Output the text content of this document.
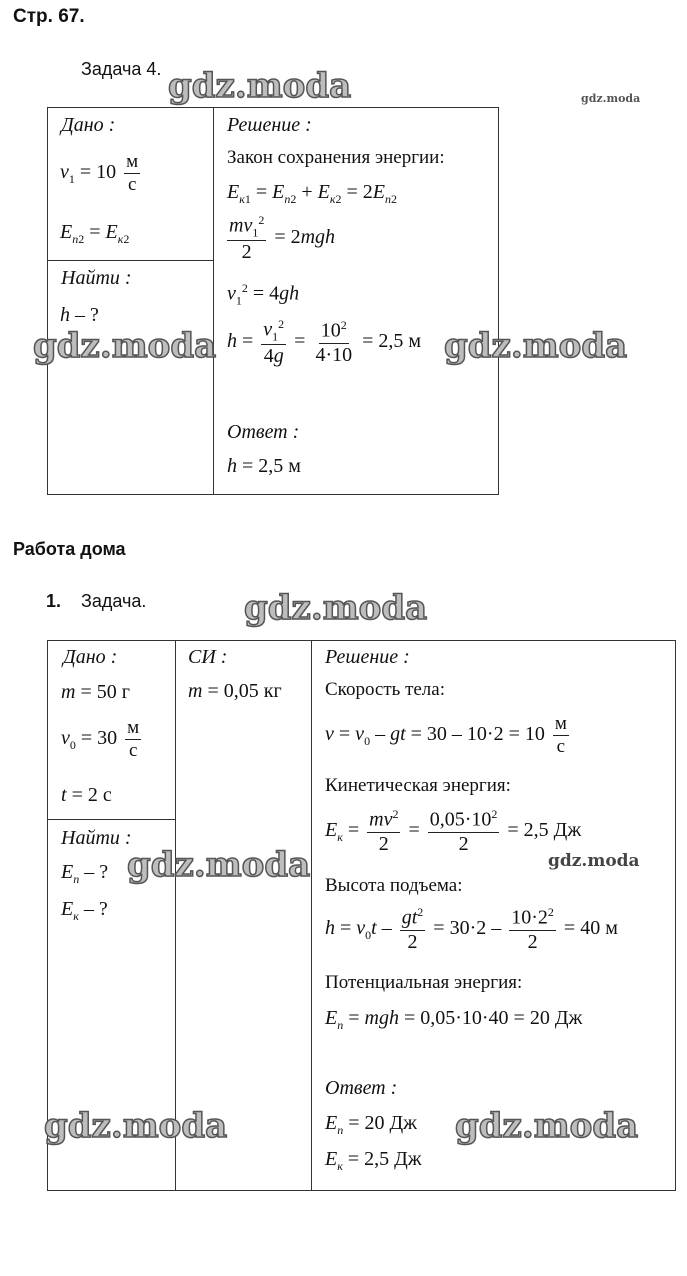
Стр. 67.
Задача 4.
Дано :
$v_1 = 10 \frac{м}{c}$
$E_{п2} = E_{к2}$
Найти :
h – ?
Решение :
Закон сохранения энергии:
$E_{к1} = E_{п2} + E_{к2} = 2E_{п2}$
$\frac{mv_1^2}{2} = 2mgh$
$v_1^2 = 4gh$
$h = \frac{v_1^2}{4g} = \frac{10^2}{4\cdot 10} = 2,5$ м
Ответ :
h = 2,5 м
Работа дома
1. Задача.
Дано :
m = 50 г
$v_0 = 30 \frac{м}{c}$
t = 2 c
СИ :
m = 0,05 кг
Найти :
$E_п$ – ?
$E_к$ – ?
Решение :
Скорость тела:
$v = v_0$ – gt = $30 - 10\cdot 2 = 10 \frac{м}{c}$
Кинетическая энергия:
$E_к = \frac{mv^2}{2} = \frac{0,05\cdot 10^2}{2} = 2,5$ Дж
Высота подъема:
$h = v_0t - \frac{gt^2}{2} = 30\cdot 2 - \frac{10\cdot 2^2}{2} = 40$ м
Потенциальная энергия:
$E_п$ = mgh = 0,05·10·40 = 20 Дж
Ответ :
$E_п = 20$ Дж
$E_к = 2,5$ Дж
gdz.moda	gdz.moda
gdz.moda	gdz.moda
gdz.moda
gdz.moda	gdz.moda
gdz.moda	gdz.moda
